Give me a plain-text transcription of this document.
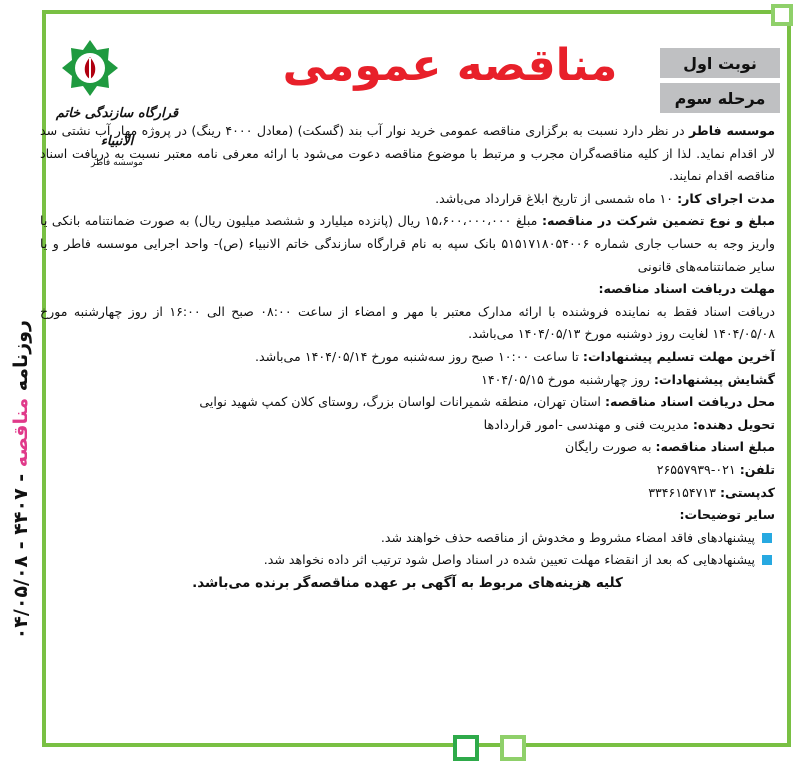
روزنامه مناقصه - ۴۴۰۷ - ۰۴/۰۵/۰۸
نوبت اول
مرحله سوم
مناقصه عمومی
قرارگاه سازندگی خاتم الانبیاء
موسسه فاطر

موسسه فاطر در نظر دارد نسبت به برگزاری مناقصه عمومی خرید نوار آب بند (گسکت) (معادل ۴۰۰۰ رینگ) در پروژه مهار آب نشتی سد لار اقدام نماید. لذا از کلیه مناقصه‌گران مجرب و مرتبط با موضوع مناقصه دعوت می‌شود با ارائه معرفی نامه معتبر نسبت به دریافت اسناد مناقصه اقدام نمایند.

مدت اجرای کار: ۱۰ ماه شمسی از تاریخ ابلاغ قرارداد می‌باشد.

مبلغ و نوع تضمین شرکت در مناقصه: مبلغ ۱۵،۶۰۰،۰۰۰،۰۰۰ ریال (پانزده میلیارد و ششصد میلیون ریال) به صورت ضمانتنامه بانکی یا واریز وجه به حساب جاری شماره ۵۱۵۱۷۱۸۰۵۴۰۰۶ بانک سپه به نام قرارگاه سازندگی خاتم الانبیاء (ص)- واحد اجرایی موسسه فاطر و یا سایر ضمانتنامه‌های قانونی

مهلت دریافت اسناد مناقصه:

دریافت اسناد فقط به نماینده فروشنده با ارائه مدارک معتبر با مهر و امضاء از ساعت ۰۸:۰۰ صبح الی ۱۶:۰۰ از روز چهارشنبه مورخ ۱۴۰۴/۰۵/۰۸ لغایت روز دوشنبه مورخ ۱۴۰۴/۰۵/۱۳ می‌باشد.

آخرین مهلت تسلیم پیشنهادات: تا ساعت ۱۰:۰۰ صبح روز سه‌شنبه مورخ ۱۴۰۴/۰۵/۱۴ می‌باشد.

گشایش پیشنهادات: روز چهارشنبه مورخ ۱۴۰۴/۰۵/۱۵

محل دریافت اسناد مناقصه: استان تهران، منطقه شمیرانات لواسان بزرگ، روستای کلان کمپ شهید نوایی

تحویل دهنده: مدیریت فنی و مهندسی -امور قراردادها

مبلغ اسناد مناقصه: به صورت رایگان

تلفن: ۰۲۱-۲۶۵۵۷۹۳۹

کدپستی: ۳۳۴۶۱۵۴۷۱۳

سایر توضیحات:

پیشنهادهای فاقد امضاء مشروط و مخدوش از مناقصه حذف خواهند شد.

پیشنهادهایی که بعد از انقضاء مهلت تعیین شده در اسناد واصل شود ترتیب اثر داده نخواهد شد.

کلیه هزینه‌های مربوط به آگهی بر عهده مناقصه‌گر برنده می‌باشد.
